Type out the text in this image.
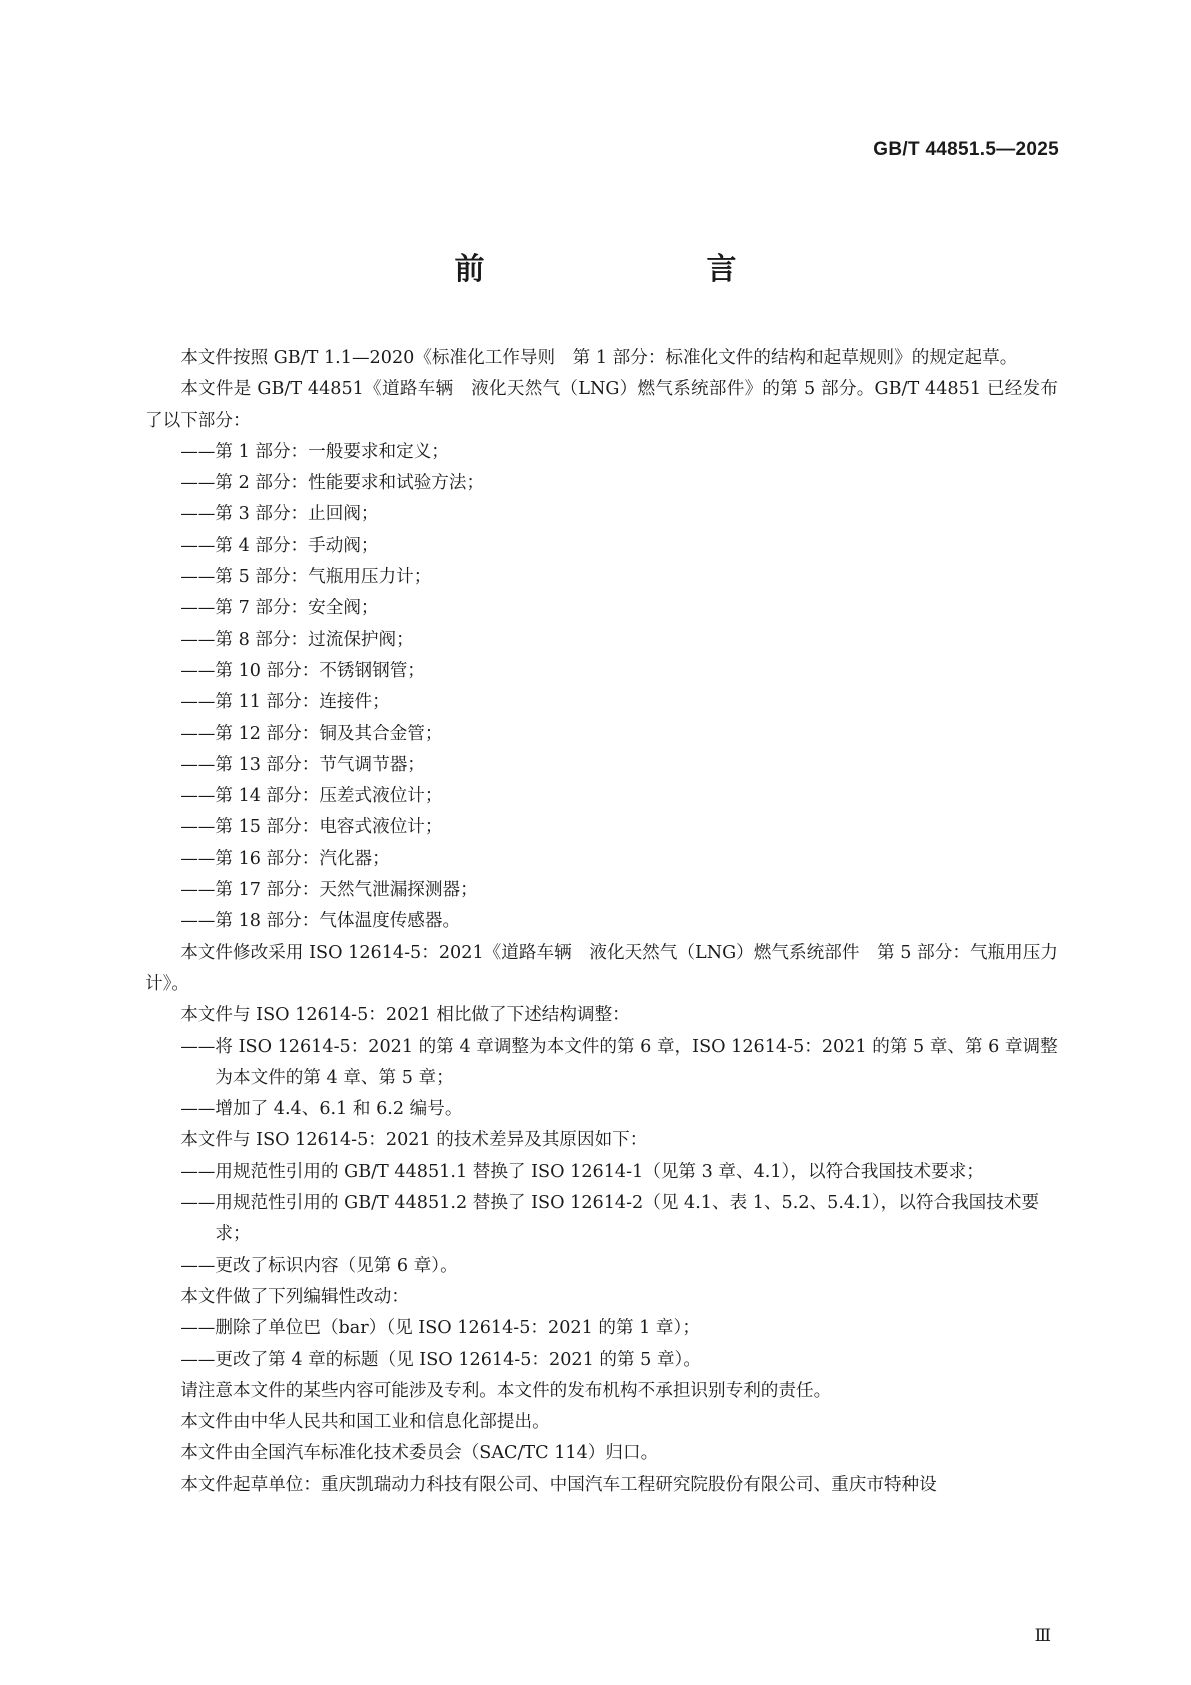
GB/T 44851.5—2025
前　　言

本文件按照 GB/T 1.1—2020《标准化工作导则　第 1 部分：标准化文件的结构和起草规则》的规定起草。

本文件是 GB/T 44851《道路车辆　液化天然气（LNG）燃气系统部件》的第 5 部分。GB/T 44851 已经发布了以下部分：

—— 第 1 部分：一般要求和定义；

—— 第 2 部分：性能要求和试验方法；

—— 第 3 部分：止回阀；

—— 第 4 部分：手动阀；

—— 第 5 部分：气瓶用压力计；

—— 第 7 部分：安全阀；

—— 第 8 部分：过流保护阀；

—— 第 10 部分：不锈钢钢管；

—— 第 11 部分：连接件；

—— 第 12 部分：铜及其合金管；

—— 第 13 部分：节气调节器；

—— 第 14 部分：压差式液位计；

—— 第 15 部分：电容式液位计；

—— 第 16 部分：汽化器；

—— 第 17 部分：天然气泄漏探测器；

—— 第 18 部分：气体温度传感器。

本文件修改采用 ISO 12614-5：2021《道路车辆　液化天然气（LNG）燃气系统部件　第 5 部分：气瓶用压力计》。

本文件与 ISO 12614-5：2021 相比做了下述结构调整：

—— 将 ISO 12614-5：2021 的第 4 章调整为本文件的第 6 章，ISO 12614-5：2021 的第 5 章、第 6 章调整为本文件的第 4 章、第 5 章；

—— 增加了 4.4、6.1 和 6.2 编号。

本文件与 ISO 12614-5：2021 的技术差异及其原因如下：

—— 用规范性引用的 GB/T 44851.1 替换了 ISO 12614-1（见第 3 章、4.1），以符合我国技术要求；

—— 用规范性引用的 GB/T 44851.2 替换了 ISO 12614-2（见 4.1、表 1、5.2、5.4.1），以符合我国技术要求；

—— 更改了标识内容（见第 6 章）。

本文件做了下列编辑性改动：

—— 删除了单位巴（bar）（见 ISO 12614-5：2021 的第 1 章）；

—— 更改了第 4 章的标题（见 ISO 12614-5：2021 的第 5 章）。

请注意本文件的某些内容可能涉及专利。本文件的发布机构不承担识别专利的责任。

本文件由中华人民共和国工业和信息化部提出。

本文件由全国汽车标准化技术委员会（SAC/TC 114）归口。

本文件起草单位：重庆凯瑞动力科技有限公司、中国汽车工程研究院股份有限公司、重庆市特种设

Ⅲ
